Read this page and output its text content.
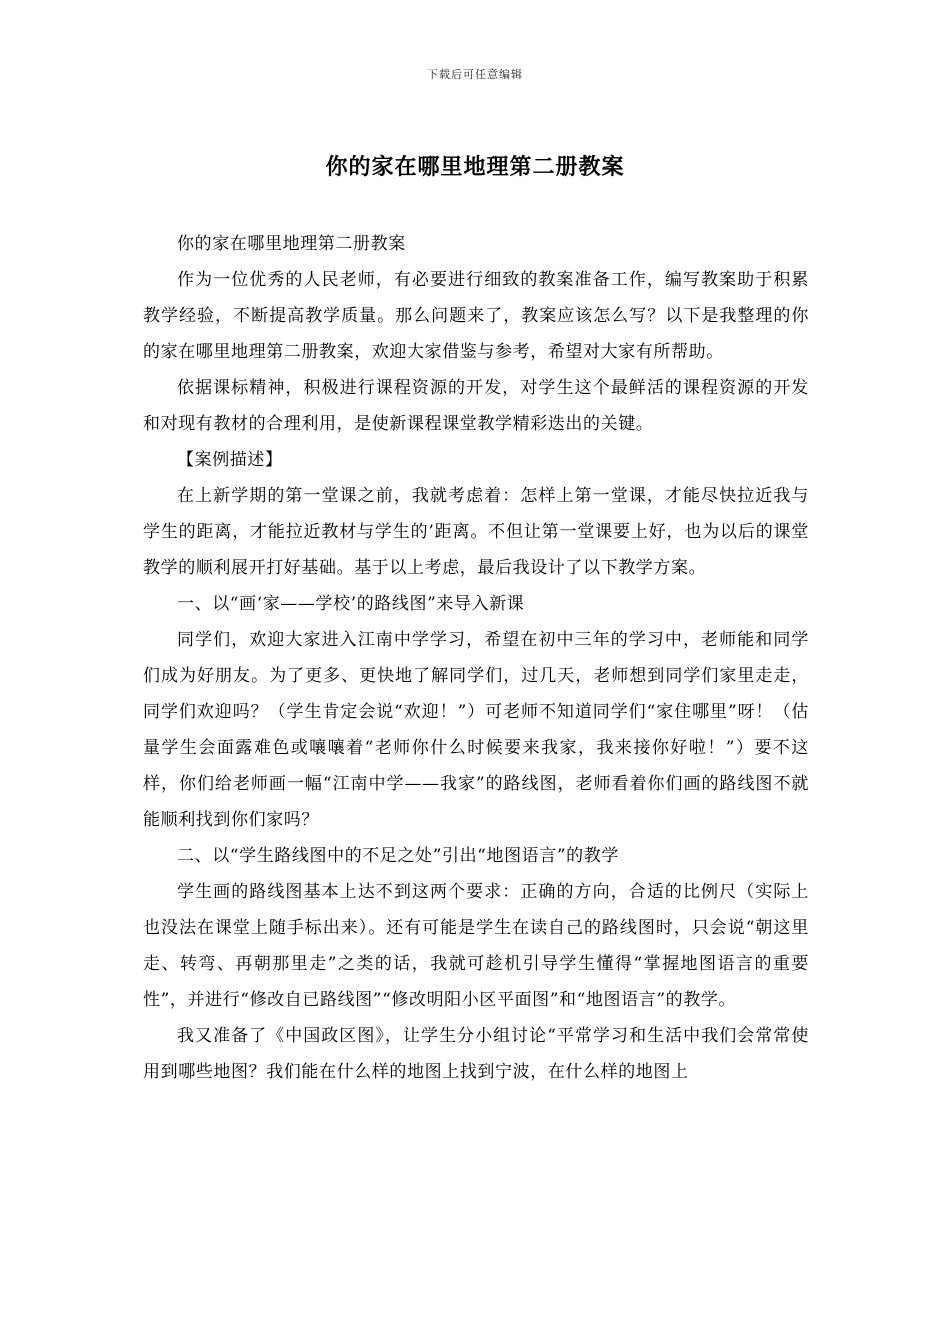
下载后可任意编辑
你的家在哪里地理第二册教案

你的家在哪里地理第二册教案

作为一位优秀的人民老师，有必要进行细致的教案准备工作，编写教案助于积累教学经验，不断提高教学质量。那么问题来了，教案应该怎么写？以下是我整理的你的家在哪里地理第二册教案，欢迎大家借鉴与参考，希望对大家有所帮助。

依据课标精神，积极进行课程资源的开发，对学生这个最鲜活的课程资源的开发和对现有教材的合理利用，是使新课程课堂教学精彩迭出的关键。

【案例描述】

在上新学期的第一堂课之前，我就考虑着：怎样上第一堂课，才能尽快拉近我与学生的距离，才能拉近教材与学生的’距离。不但让第一堂课要上好，也为以后的课堂教学的顺利展开打好基础。基于以上考虑，最后我设计了以下教学方案。

一、以“画‘家——学校’的路线图”来导入新课

同学们，欢迎大家进入江南中学学习，希望在初中三年的学习中，老师能和同学们成为好朋友。为了更多、更快地了解同学们，过几天，老师想到同学们家里走走，同学们欢迎吗？（学生肯定会说“欢迎！”）可老师不知道同学们“家住哪里”呀！（估量学生会面露难色或嚷嚷着“老师你什么时候要来我家，我来接你好啦！”）要不这样，你们给老师画一幅“江南中学——我家”的路线图，老师看着你们画的路线图不就能顺利找到你们家吗？

二、以“学生路线图中的不足之处”引出“地图语言”的教学

学生画的路线图基本上达不到这两个要求：正确的方向，合适的比例尺（实际上也没法在课堂上随手标出来）。还有可能是学生在读自己的路线图时，只会说“朝这里走、转弯、再朝那里走”之类的话，我就可趁机引导学生懂得“掌握地图语言的重要性”，并进行“修改自已路线图”“修改明阳小区平面图”和“地图语言”的教学。

我又准备了《中国政区图》，让学生分小组讨论“平常学习和生活中我们会常常使用到哪些地图？我们能在什么样的地图上找到宁波，在什么样的地图上
